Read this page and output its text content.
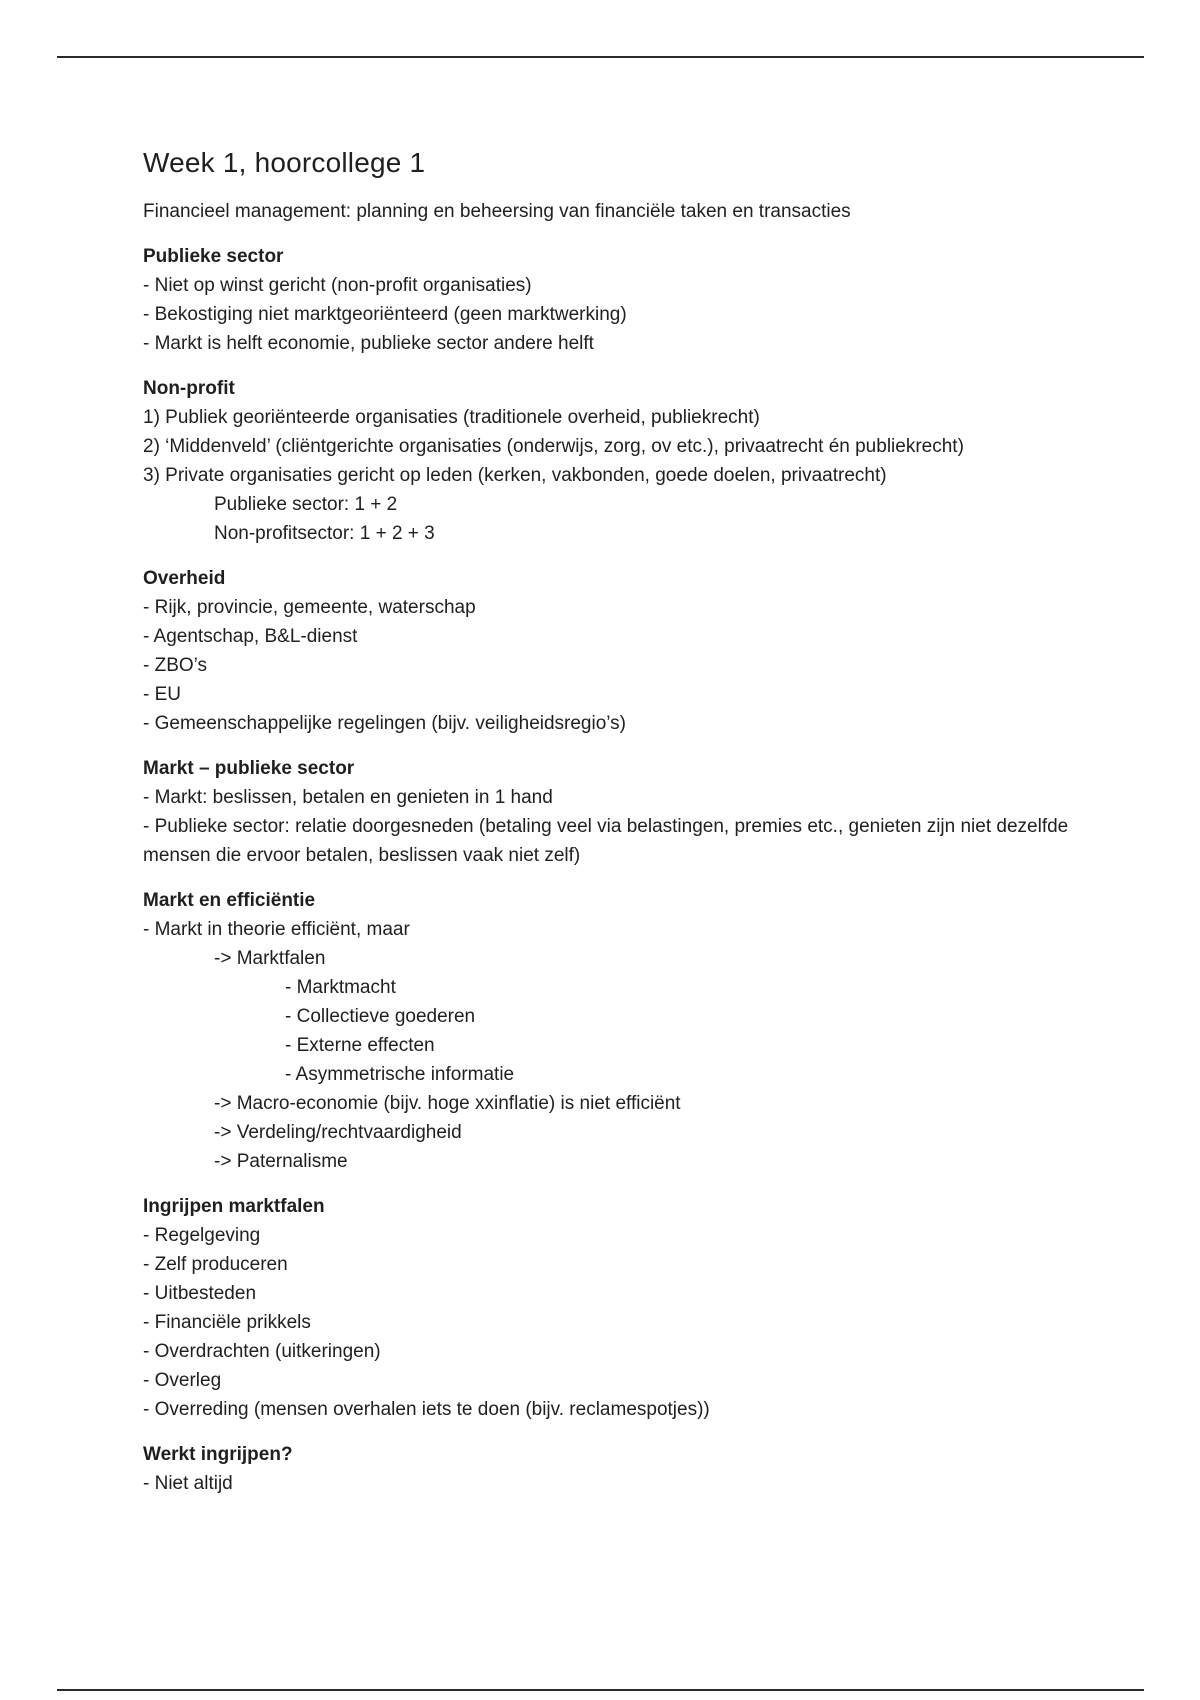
Week 1, hoorcollege 1

Financieel management: planning en beheersing van financiële taken en transacties

Publieke sector

- Niet op winst gericht (non-profit organisaties)

- Bekostiging niet marktgeoriënteerd (geen marktwerking)

- Markt is helft economie, publieke sector andere helft

Non-profit

1) Publiek georiënteerde organisaties (traditionele overheid, publiekrecht)

2) ‘Middenveld’ (cliëntgerichte organisaties (onderwijs, zorg, ov etc.), privaatrecht én publiekrecht)

3) Private organisaties gericht op leden (kerken, vakbonden, goede doelen, privaatrecht)

Publieke sector: 1 + 2

Non-profitsector: 1 + 2 + 3

Overheid

- Rijk, provincie, gemeente, waterschap

- Agentschap, B&L-dienst

- ZBO’s

- EU

- Gemeenschappelijke regelingen (bijv. veiligheidsregio’s)

Markt – publieke sector

- Markt: beslissen, betalen en genieten in 1 hand

- Publieke sector: relatie doorgesneden (betaling veel via belastingen, premies etc., genieten zijn niet dezelfde mensen die ervoor betalen, beslissen vaak niet zelf)

Markt en efficiëntie

- Markt in theorie efficiënt, maar

-> Marktfalen

- Marktmacht

- Collectieve goederen

- Externe effecten

- Asymmetrische informatie

-> Macro-economie (bijv. hoge xxinflatie) is niet efficiënt

-> Verdeling/rechtvaardigheid

-> Paternalisme

Ingrijpen marktfalen

- Regelgeving

- Zelf produceren

- Uitbesteden

- Financiële prikkels

- Overdrachten (uitkeringen)

- Overleg

- Overreding (mensen overhalen iets te doen (bijv. reclamespotjes))

Werkt ingrijpen?

- Niet altijd
